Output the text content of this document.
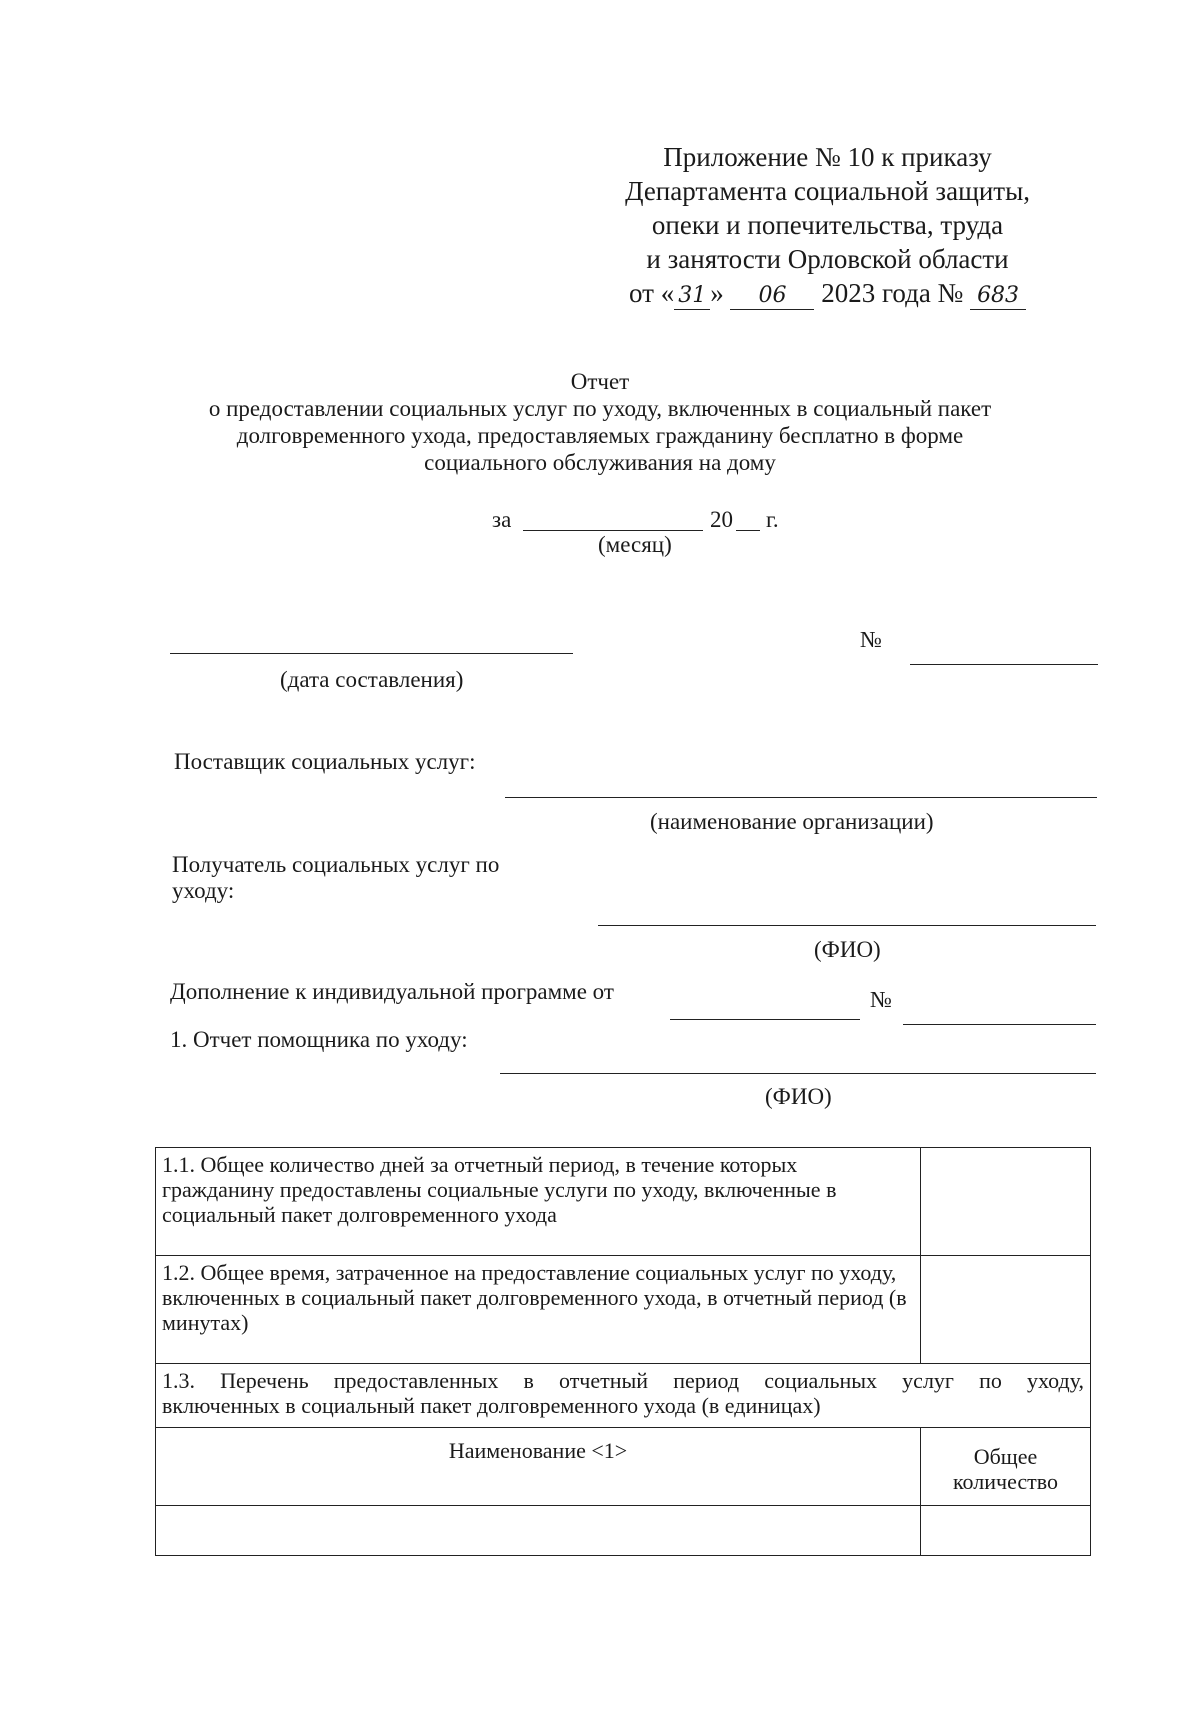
Приложение № 10 к приказу
Департамента социальной защиты,
опеки и попечительства, труда
и занятости Орловской области
от « 31 » 06 2023 года № 683
Отчет
о предоставлении социальных услуг по уходу, включенных в социальный пакет
долговременного ухода, предоставляемых гражданину бесплатно в форме
социального обслуживания на дому
за	20 г.
(месяц)
(дата составления)
№
Поставщик социальных услуг:
(наименование организации)
Получатель социальных услуг по
уходу:
(ФИО)
Дополнение к индивидуальной программе от	№
1. Отчет помощника по уходу:
(ФИО)
1.1. Общее количество дней за отчетный период, в течение которых гражданину предоставлены социальные услуги по уходу, включенные в социальный пакет долговременного ухода	
1.2. Общее время, затраченное на предоставление социальных услуг по уходу, включенных в социальный пакет долговременного ухода, в отчетный период (в минутах)	

1.3. Перечень предоставленных в отчетный период социальных услуг по уходу,
включенных в социальный пакет долговременного ухода (в единицах)	

Наименование <1>	Общее
количество
